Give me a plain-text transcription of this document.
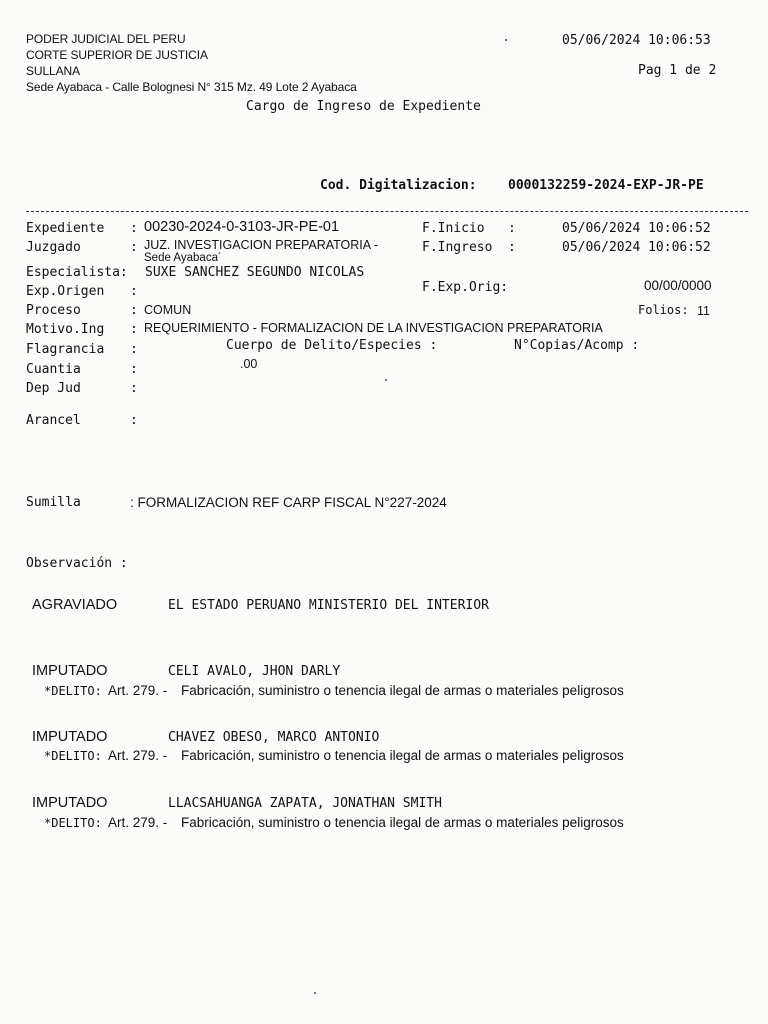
PODER JUDICIAL DEL PERU
CORTE SUPERIOR DE JUSTICIA
SULLANA
Sede Ayabaca - Calle Bolognesi N° 315 Mz. 49 Lote 2 Ayabaca
05/06/2024 10:06:53
Pag 1 de 2
Cargo de Ingreso de Expediente
Cod. Digitalizacion: 0000132259-2024-EXP-JR-PE
Expediente : 00230-2024-0-3103-JR-PE-01
Juzgado	: JUZ. INVESTIGACION PREPARATORIA -
Sede Ayabaca´
Especialista: SUXE SANCHEZ SEGUNDO NICOLAS
Exp.Origen :
Proceso	: COMUN
Motivo.Ing : REQUERIMIENTO - FORMALIZACION DE LA INVESTIGACION PREPARATORIA
Flagrancia :	Cuerpo de Delito/Especies :	N°Copias/Acomp :
Cuantia	:	.00
Dep Jud	:
Arancel	:
F.Inicio :	05/06/2024 10:06:52
F.Ingreso :	05/06/2024 10:06:52
F.Exp.Orig:	00/00/0000
Folios: 11
Sumilla	: FORMALIZACION REF CARP FISCAL N°227-2024
Observación :
AGRAVIADO	EL ESTADO PERUANO MINISTERIO DEL INTERIOR
IMPUTADO	CELI AVALO, JHON DARLY
*DELITO: Art. 279. - Fabricación, suministro o tenencia ilegal de armas o materiales peligrosos
IMPUTADO	CHAVEZ OBESO, MARCO ANTONIO
*DELITO: Art. 279. - Fabricación, suministro o tenencia ilegal de armas o materiales peligrosos
IMPUTADO	LLACSAHUANGA ZAPATA, JONATHAN SMITH
*DELITO: Art. 279. - Fabricación, suministro o tenencia ilegal de armas o materiales peligrosos
